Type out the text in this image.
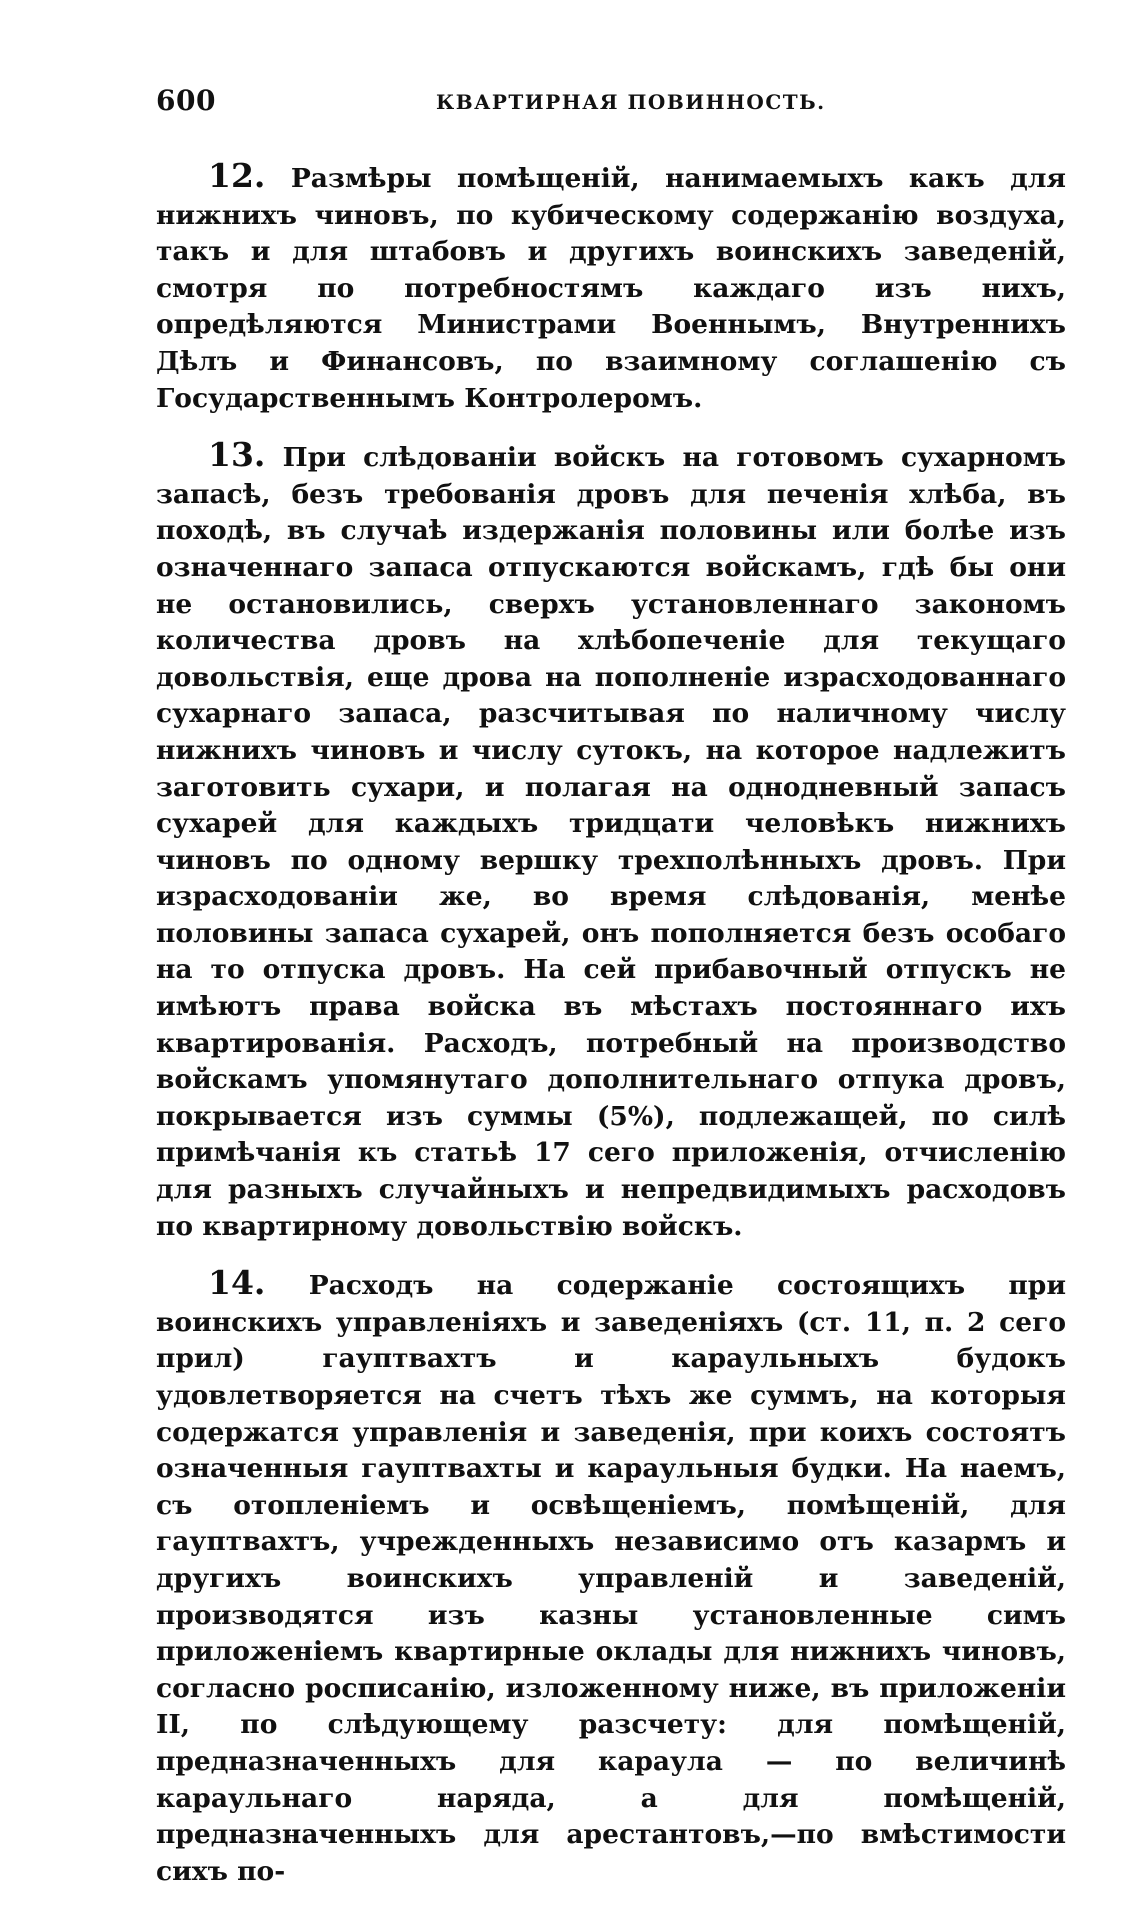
600	КВАРТИРНАЯ ПОВИННОСТЬ.

12. Размѣры помѣщеній, нанимаемыхъ какъ для нижнихъ чиновъ, по кубическому содержанію воздуха, такъ и для штабовъ и другихъ воинскихъ заведеній, смотря по потребностямъ каждаго изъ нихъ, опредѣляются Министрами Военнымъ, Внутреннихъ Дѣлъ и Финансовъ, по взаимному соглашенію съ Государственнымъ Контролеромъ.

13. При слѣдованіи войскъ на готовомъ сухарномъ запасѣ, безъ требованія дровъ для печенія хлѣба, въ походѣ, въ случаѣ издержанія половины или болѣе изъ означеннаго запаса отпускаются войскамъ, гдѣ бы они не остановились, сверхъ установленнаго закономъ количества дровъ на хлѣбопеченіе для текущаго довольствія, еще дрова на пополненіе израсходованнаго сухарнаго запаса, разсчитывая по наличному числу нижнихъ чиновъ и числу сутокъ, на которое надлежитъ заготовить сухари, и полагая на однодневный запасъ сухарей для каждыхъ тридцати человѣкъ нижнихъ чиновъ по одному вершку трехполѣнныхъ дровъ. При израсходованіи же, во время слѣдованія, менѣе половины запаса сухарей, онъ пополняется безъ особаго на то отпуска дровъ. На сей прибавочный отпускъ не имѣютъ права войска въ мѣстахъ постояннаго ихъ квартированія. Расходъ, потребный на производство войскамъ упомянутаго дополнительнаго отпука дровъ, покрывается изъ суммы (5%), подлежащей, по силѣ примѣчанія къ статьѣ 17 сего приложенія, отчисленію для разныхъ случайныхъ и непредвидимыхъ расходовъ по квартирному довольствію войскъ.

14. Расходъ на содержаніе состоящихъ при воинскихъ управленіяхъ и заведеніяхъ (ст. 11, п. 2 сего прил) гауптвахтъ и караульныхъ будокъ удовлетворяется на счетъ тѣхъ же суммъ, на которыя содержатся управленія и заведенія, при коихъ состоятъ означенныя гауптвахты и караульныя будки. На наемъ, съ отопленіемъ и освѣщеніемъ, помѣщеній, для гауптвахтъ, учрежденныхъ независимо отъ казармъ и другихъ воинскихъ управленій и заведеній, производятся изъ казны установленные симъ приложеніемъ квартирные оклады для нижнихъ чиновъ, согласно росписанію, изложенному ниже, въ приложеніи II, по слѣдующему разсчету: для помѣщеній, предназначенныхъ для караула — по величинѣ караульнаго наряда, а для помѣщеній, предназначенныхъ для арестантовъ,—по вмѣстимости сихъ по-
